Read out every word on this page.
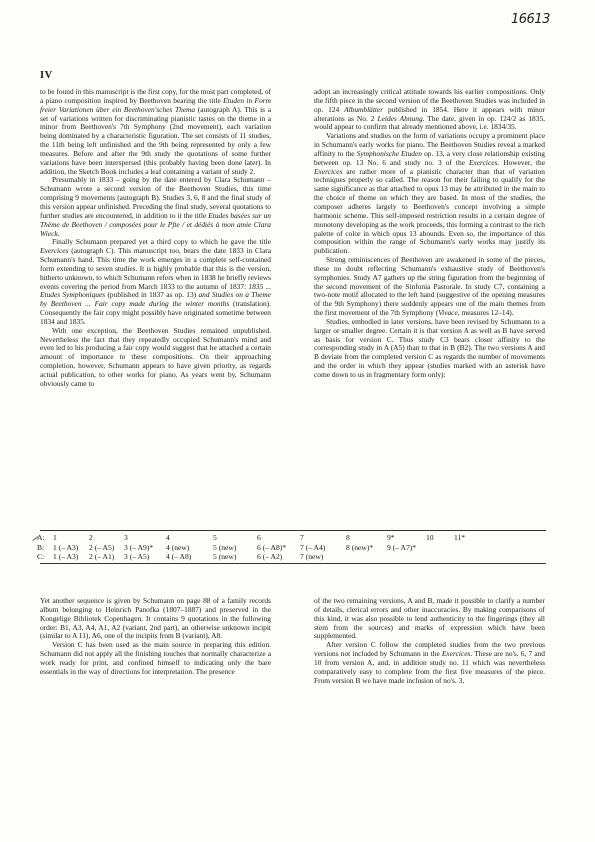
16613
IV

to be found in this manuscript is the first copy, for the most part completed, of a piano composition inspired by Beethoven bearing the title Etuden in Form freier Variationen über ein Beethoven'sches Thema (autograph A). This is a set of variations written for discriminating pianistic tastes on the theme in a minor from Beethoven's 7th Symphony (2nd movement), each variation being dominated by a characteristic figuration. The set consists of 11 studies, the 11th being left unfinished and the 9th being represented by only a few measures. Before and after the 9th study the quotations of some further variations have been interspersed (this probably having been done later). In addition, the Sketch Book includes a leaf containing a variant of study 2.

Presumably in 1833 – going by the date entered by Clara Schumann – Schumann wrote a second version of the Beethoven Studies, this time comprising 9 movements (autograph B). Studies 3, 6, 8 and the final study of this version appear unfinished. Preceding the final study, several quotations to further studies are encountered, in addition to it the title Etudes basées sur un Thème de Beethoven / composées pour le Pfte / et dédiés à mon amie Clara Wieck.

Finally Schumann prepared yet a third copy to which he gave the title Exercices (autograph C). This manuscript too, bears the date 1833 in Clara Schumann's hand. This time the work emerges in a complete self-contained form extending to seven studies. It is highly probable that this is the version, hitherto unknown, to which Schumann refers when in 1838 he briefly reviews events covering the period from March 1833 to the autumn of 1837: 1835 ... Etudes Symphoniques (published in 1837 as op. 13) and Studies on a Theme by Beethoven ... Fair copy made during the winter months (translation). Consequently the fair copy might possibly have originated sometime between 1834 and 1835.

With one exception, the Beethoven Studies remained unpublished. Nevertheless the fact that they repeatedly occupied Schumann's mind and even led to his producing a fair copy would suggest that he attached a certain amount of importance to these compositions. On their approaching completion, however, Schumann appears to have given priority, as regards actual publication, to other works for piano. As years went by, Schumann obviously came to

adopt an increasingly critical attitude towards his earlier compositions. Only the fifth piece in the second version of the Beethoven Studies was included in op. 124 Albumblätter published in 1854. Here it appears with minor alterations as No. 2 Leides Ahnung. The date, given in op. 124/2 as 1835, would appear to confirm that already mentioned above, i.e. 1834/35.

Variations and studies on the form of variations occupy a prominent place in Schumann's early works for piano. The Beethoven Studies reveal a marked affinity to the Symphonische Etuden op. 13, a very close relationship existing between op. 13 No. 6 and study no. 3 of the Exercices. However, the Exercices are rather more of a pianistic character than that of variation techniques properly so called. The reason for their failing to qualify for the same significance as that attached to opus 13 may be attributed in the main to the choice of theme on which they are based. In most of the studies, the composer adheres largely to Beethoven's concept involving a simple harmonic scheme. This self-imposed restriction results in a certain degree of monotony developing as the work proceeds, this forming a contrast to the rich palette of color in which opus 13 abounds. Even so, the importance of this composition within the range of Schumann's early works may justify its publication.

Strong reminiscences of Beethoven are awakened in some of the pieces, these no doubt reflecting Schumann's exhaustive study of Beethoven's symphonies. Study A7 gathers up the string figuration from the beginning of the second movement of the Sinfonia Pastorale. In study C7, containing a two-note motif allocated to the left hand (suggestive of the opening measures of the 9th Symphony) there suddenly appears one of the main themes from the first movement of the 7th Symphony (Vivace, measures 12–14).

Studies, embodied in later versions, have been revised by Schumann to a larger or smaller degree. Certain it is that version A as well as B have served as basis for version C. Thus study C3 bears closer affinity to the corresponding study in A (A5) than to that in B (B2). The two versions A and B deviate from the completed version C as regards the number of movements and the order in which they appear (studies marked with an asterisk have come down to us in fragmentary form only):

A: 1	2	3	4	5	6	7	8	9*	10	11*
B: 1 (– A3) 2 (– A5) 3 (– A9)* 4 (new)	5 (new)	6 (– A8)* 7 (– A4)	8 (new)* 9 (– A7)*
C: 1 (– A3) 2 (– A1) 3 (– A5) 4 (– A8)	5 (new)	6 (– A2) 7 (new)

Yet another sequence is given by Schumann on page 88 of a family records album belonging to Heinrich Panofka (1807–1887) and preserved in the Kongelige Bibliotek Copenhagen. It contains 9 quotations in the following order: B1, A3, A4, A1, A2 (variant, 2nd part), an otherwise unknown incipit (similar to A 11), A6, one of the incipits from B (variant), A8.

Version C has been used as the main source in preparing this edition. Schumann did not apply all the finishing touches that normally characterize a work ready for print, and confined himself to indicating only the bare essentials in the way of directions for interpretation. The presence

of the two remaining versions, A and B, made it possible to clarify a number of details, clerical errors and other inaccuracies. By making comparisons of this kind, it was also possible to lend authenticity to the fingerings (they all stem from the sources) and marks of expression which have been supplemented.

After version C follow the completed studies from the two previous versions not included by Schumann in the Exercices. These are no's. 6, 7 and 10 from version A, and, in addition study no. 11 which was nevertheless comparatively easy to complete from the first five measures of the piece. From version B we have made inclusion of no's. 3,
